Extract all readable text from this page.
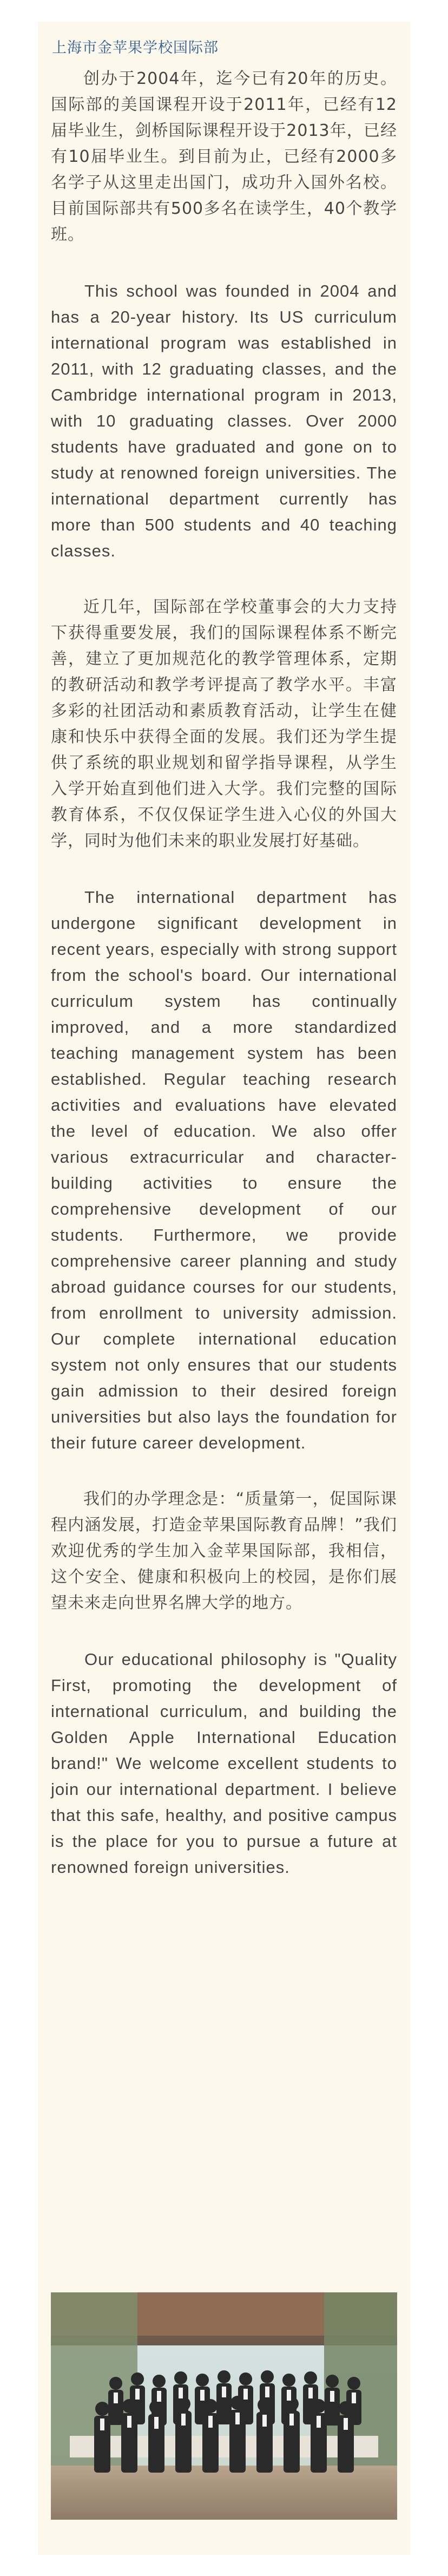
上海市金苹果学校国际部

创办于2004年，迄今已有20年的历史。国际部的美国课程开设于2011年，已经有12届毕业生，剑桥国际课程开设于2013年，已经有10届毕业生。到目前为止，已经有2000多名学子从这里走出国门，成功升入国外名校。目前国际部共有500多名在读学生，40个教学班。

This school was founded in 2004 and has a 20-year history. Its US curriculum international program was established in 2011, with 12 graduating classes, and the Cambridge international program in 2013, with 10 graduating classes. Over 2000 students have graduated and gone on to study at renowned foreign universities. The international department currently has more than 500 students and 40 teaching classes.

近几年，国际部在学校董事会的大力支持下获得重要发展，我们的国际课程体系不断完善，建立了更加规范化的教学管理体系，定期的教研活动和教学考评提高了教学水平。丰富多彩的社团活动和素质教育活动，让学生在健康和快乐中获得全面的发展。我们还为学生提供了系统的职业规划和留学指导课程，从学生入学开始直到他们进入大学。我们完整的国际教育体系，不仅仅保证学生进入心仪的外国大学，同时为他们未来的职业发展打好基础。

The international department has undergone significant development in recent years, especially with strong support from the school's board. Our international curriculum system has continually improved, and a more standardized teaching management system has been established. Regular teaching research activities and evaluations have elevated the level of education. We also offer various extracurricular and character-building activities to ensure the comprehensive development of our students. Furthermore, we provide comprehensive career planning and study abroad guidance courses for our students, from enrollment to university admission. Our complete international education system not only ensures that our students gain admission to their desired foreign universities but also lays the foundation for their future career development.

我们的办学理念是：“质量第一，促国际课程内涵发展，打造金苹果国际教育品牌！”我们欢迎优秀的学生加入金苹果国际部，我相信，这个安全、健康和积极向上的校园，是你们展望未来走向世界名牌大学的地方。

Our educational philosophy is "Quality First, promoting the development of international curriculum, and building the Golden Apple International Education brand!" We welcome excellent students to join our international department. I believe that this safe, healthy, and positive campus is the place for you to pursue a future at renowned foreign universities.
